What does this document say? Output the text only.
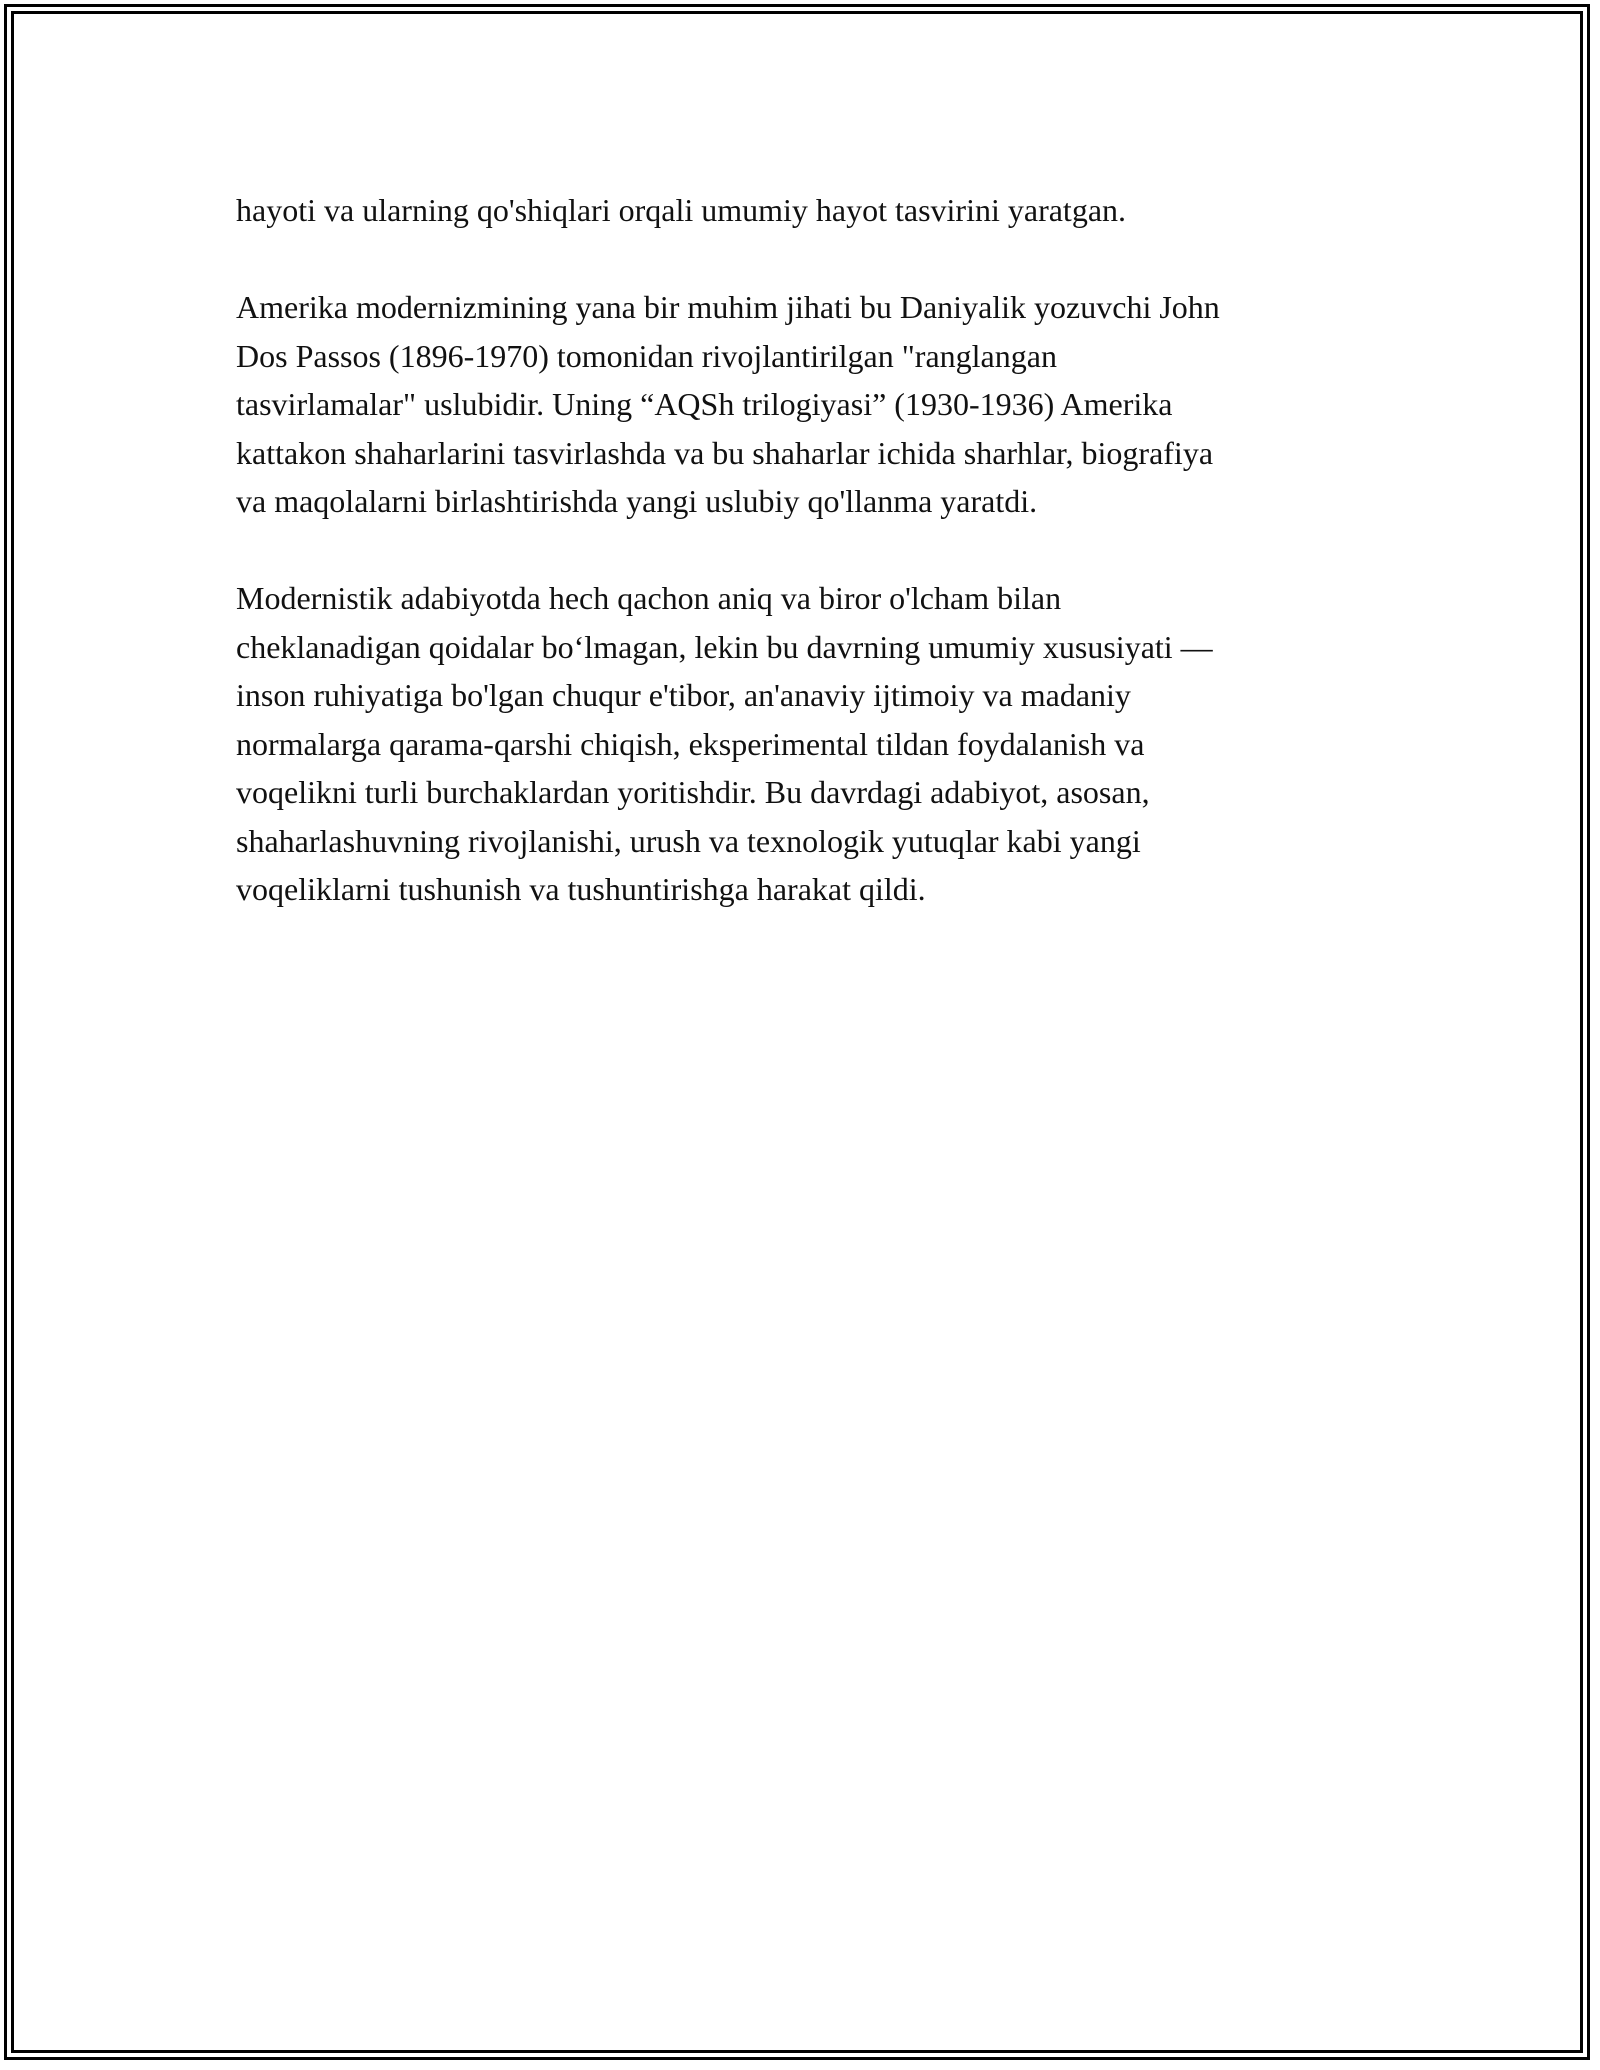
hayoti va ularning qo'shiqlari orqali umumiy hayot tasvirini yaratgan.

Amerika modernizmining yana bir muhim jihati bu Daniyalik yozuvchi John
Dos Passos (1896-1970) tomonidan rivojlantirilgan "ranglangan
tasvirlamalar" uslubidir. Uning “AQSh trilogiyasi” (1930-1936) Amerika
kattakon shaharlarini tasvirlashda va bu shaharlar ichida sharhlar, biografiya
va maqolalarni birlashtirishda yangi uslubiy qo'llanma yaratdi.

Modernistik adabiyotda hech qachon aniq va biror o'lcham bilan
cheklanadigan qoidalar bo‘lmagan, lekin bu davrning umumiy xususiyati —
inson ruhiyatiga bo'lgan chuqur e'tibor, an'anaviy ijtimoiy va madaniy
normalarga qarama-qarshi chiqish, eksperimental tildan foydalanish va
voqelikni turli burchaklardan yoritishdir. Bu davrdagi adabiyot, asosan,
shaharlashuvning rivojlanishi, urush va texnologik yutuqlar kabi yangi
voqeliklarni tushunish va tushuntirishga harakat qildi.
